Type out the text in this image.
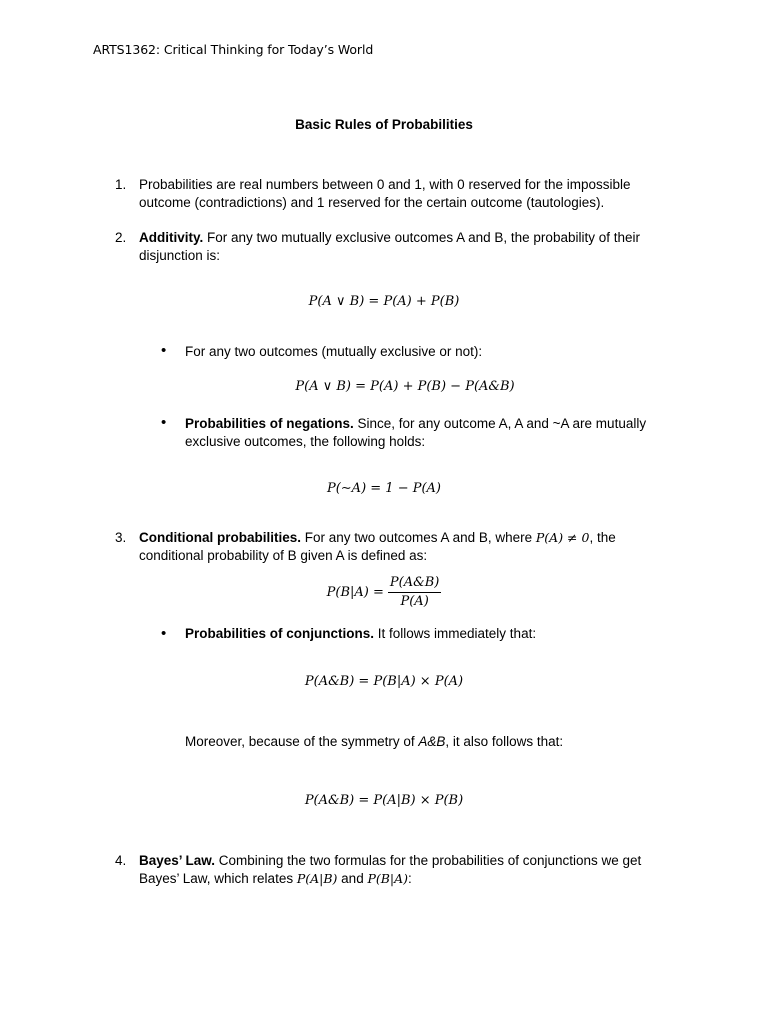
ARTS1362: Critical Thinking for Today’s World
Basic Rules of Probabilities
1. Probabilities are real numbers between 0 and 1, with 0 reserved for the impossible
outcome (contradictions) and 1 reserved for the certain outcome (tautologies).
2. Additivity. For any two mutually exclusive outcomes A and B, the probability of their
disjunction is:
P(A ∨ B) = P(A) + P(B)
• For any two outcomes (mutually exclusive or not):
P(A ∨ B) = P(A) + P(B) − P(A&B)
• Probabilities of negations. Since, for any outcome A, A and ~A are mutually
exclusive outcomes, the following holds:
P(∼A) = 1 − P(A)
3. Conditional probabilities. For any two outcomes A and B, where P(A) ≠ 0, the
conditional probability of B given A is defined as:
$P(B|A) = \frac{P(A\&B)}{P(A)}$
• Probabilities of conjunctions. It follows immediately that:
P(A&B) = P(B|A) × P(A)
Moreover, because of the symmetry of A&B, it also follows that:
P(A&B) = P(A|B) × P(B)
4. Bayes’ Law. Combining the two formulas for the probabilities of conjunctions we get
Bayes’ Law, which relates P(A|B) and P(B|A):
